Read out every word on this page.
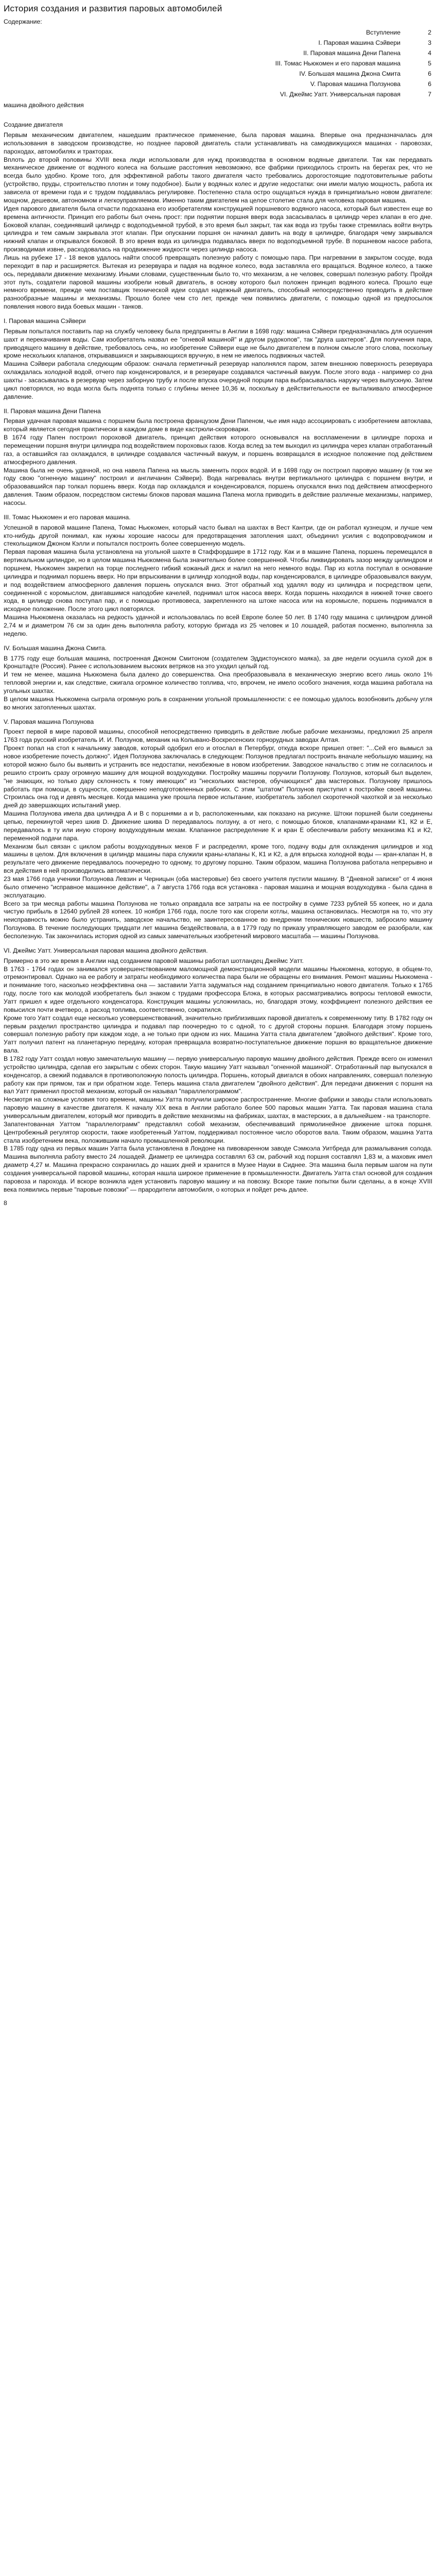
История создания и развития паровых автомобилей
Содержание:
Вступление	2
I. Паровая машина Сэйвери	3
II. Паровая машина Дени Папена	4
III. Томас Ньюкомен и его паровая машина	5
IV. Большая машина Джона Смита	6
V. Паровая машина Ползунова	6
VI. Джеймс Уатт. Универсальная паровая	7
машина двойного действия
Создание двигателя

Первым механическим двигателем, нашедшим практическое применение, была паровая машина. Впервые она предназначалась для использования в заводском производстве, но позднее паровой двигатель стали устанавливать на самодвижущихся машинах - паровозах, пароходах, автомобилях и тракторах.

Вплоть до второй половины XVIII века люди использовали для нужд производства в основном водяные двигатели. Так как передавать механическое движение от водяного колеса на большие расстояния невозможно, все фабрики приходилось строить на берегах рек, что не всегда было удобно. Кроме того, для эффективной работы такого двигателя часто требовались дорогостоящие подготовительные работы (устройство, пруды, строительство плотин и тому подобное). Были у водяных колес и другие недостатки: они имели малую мощность, работа их зависела от времени года и с трудом поддавалась регулировке. Постепенно стала остро ощущаться нужда в принципиально новом двигателе: мощном, дешевом, автономном и легкоуправляемом. Именно таким двигателем на целое столетие стала для человека паровая машина.

Идея парового двигателя была отчасти подсказана его изобретателям конструкцией поршневого водяного насоса, который был известен еще во времена античности. Принцип его работы был очень прост: при поднятии поршня вверх вода засасывалась в цилиндр через клапан в его дне. Боковой клапан, соединявший цилиндр с водоподъемной трубой, в это время был закрыт, так как вода из трубы также стремилась войти внутрь цилиндра и тем самым закрывала этот клапан. При опускании поршня он начинал давить на воду в цилиндре, благодаря чему закрывался нижний клапан и открывался боковой. В это время вода из цилиндра подавалась вверх по водоподъемной трубе. В поршневом насосе работа, производимая извне, расходовалась на продвижение жидкости через цилиндр насоса.

Лишь на рубеже 17 - 18 веков удалось найти способ превращать полезную работу с помощью пара. При нагревании в закрытом сосуде, вода переходит в пар и расширяется. Вытекая из резервуара и падая на водяное колесо, вода заставляла его вращаться. Водяное колесо, а также ось, передавали движение механизму. Иными словами, существенным было то, что механизм, а не человек, совершал полезную работу. Пройдя этот путь, создатели паровой машины изобрели новый двигатель, в основу которого был положен принцип водяного колеса. Прошло еще немного времени, прежде чем поставщик технической идеи создал надежный двигатель, способный непосредственно приводить в действие разнообразные машины и механизмы. Прошло более чем сто лет, прежде чем появились двигатели, с помощью одной из предпосылок появления нового вида боевых машин - танков.

I. Паровая машина Сэйвери

Первым попытался поставить пар на службу человеку была предприняты в Англии в 1698 году: машина Сэйвери предназначалась для осушения шахт и перекачивания воды. Сам изобретатель назвал ее "огневой машиной" и другом рудокопов", так "друга шахтеров". Для получения пара, приводящего машину в действие, требовалось сечь, но изобретение Сэйвери еще не было двигателем в полном смысле этого слова, поскольку кроме нескольких клапанов, открывавшихся и закрывающихся вручную, в нем не имелось подвижных частей.

Машина Сэйвери работала следующим образом: сначала герметичный резервуар наполнялся паром, затем внешнюю поверхность резервуара охлаждалась холодной водой, отчего пар конденсировался, и в резервуаре создавался частичный вакуум. После этого вода - например со дна шахты - засасывалась в резервуар через заборную трубу и после впуска очередной порции пара выбрасывалась наружу через выпускную. Затем цикл повторялся, но вода могла быть поднята только с глубины менее 10,36 м, поскольку в действительности ее выталкивало атмосферное давление.

II. Паровая машина Дени Папена

Первая удачная паровая машина с поршнем была построена французом Дени Папеном, чье имя надо ассоциировать с изобретением автоклава, который является сегодня практически в каждом доме в виде кастрюли-скороварки.

В 1674 году Папен построил пороховой двигатель, принцип действия которого основывался на воспламенении в цилиндре пороха и перемещении поршня внутри цилиндра под воздействием пороховых газов. Когда вслед за тем выходил из цилиндра через клапан отработанный газ, а оставшийся газ охлаждался, в цилиндре создавался частичный вакуум, и поршень возвращался в исходное положение под действием атмосферного давления.

Машина была не очень удачной, но она навела Папена на мысль заменить порох водой. И в 1698 году он построил паровую машину (в том же году свою "огненную машину" построил и англичанин Сэйвери). Вода нагревалась внутри вертикального цилиндра с поршнем внутри, и образовавшийся пар толкал поршень вверх. Когда пар охлаждался и конденсировался, поршень опускался вниз под действием атмосферного давления. Таким образом, посредством системы блоков паровая машина Папена могла приводить в действие различные механизмы, например, насосы.

III. Томас Ньюкомен и его паровая машина.

Успешной в паровой машине Папена, Томас Ньюкомен, который часто бывал на шахтах в Вест Кантри, где он работал кузнецом, и лучше чем кто-нибудь другой понимал, как нужны хорошие насосы для предотвращения затопления шахт, объединил усилия с водопроводчиком и стекольщиком Джоном Кэлли и попытался построить более совершенную модель.

Первая паровая машина была установлена на угольной шахте в Стаффордшире в 1712 году. Как и в машине Папена, поршень перемещался в вертикальном цилиндре, но в целом машина Ньюкомена была значительно более совершенной. Чтобы ликвидировать зазор между цилиндром и поршнем, Ньюкомен закрепил на торце последнего гибкий кожаный диск и налил на него немного воды. Пар из котла поступал в основание цилиндра и поднимал поршень вверх. Но при впрыскивании в цилиндр холодной воды, пар конденсировался, в цилиндре образовывался вакуум, и под воздействием атмосферного давления поршень опускался вниз. Этот обратный ход удалял воду из цилиндра и посредством цепи, соединенной с коромыслом, двигавшимся наподобие качелей, поднимал шток насоса вверх. Когда поршень находился в нижней точке своего хода, в цилиндр снова поступал пар, и с помощью противовеса, закрепленного на штоке насоса или на коромысле, поршень поднимался в исходное положение. После этого цикл повторялся.

Машина Ньюкомена оказалась на редкость удачной и использовалась по всей Европе более 50 лет. В 1740 году машина с цилиндром длиной 2,74 м и диаметром 76 см за один день выполняла работу, которую бригада из 25 человек и 10 лошадей, работая посменно, выполняла за неделю.

IV. Большая машина Джона Смита.

В 1775 году еще большая машина, построенная Джоном Смитоном (создателем Эддистоунского маяка), за две недели осушила сухой док в Кронштадте (Россия). Ранее с использованием высоких ветряков на это уходил целый год.

И тем не менее, машина Ньюкомена была далеко до совершенства. Она преобразовывала в механическую энергию всего лишь около 1% тепловой энергии и, как следствие, сжигала огромное количество топлива, что, впрочем, не имело особого значения, когда машина работала на угольных шахтах.

В целом машина Ньюкомена сыграла огромную роль в сохранении угольной промышленности: с ее помощью удалось возобновить добычу угля во многих затопленных шахтах.

V. Паровая машина Ползунова

Проект первой в мире паровой машины, способной непосредственно приводить в действие любые рабочие механизмы, предложил 25 апреля 1763 года русский изобретатель И. И. Ползунов, механик на Колывано-Воскресенских горнорудных заводах Алтая.

Проект попал на стол к начальнику заводов, который одобрил его и отослал в Петербург, откуда вскоре пришел ответ: "...Сей его вымысл за новое изобретение почесть должно". Идея Ползунова заключалась в следующем: Ползунов предлагал построить вначале небольшую машину, на которой можно было бы выявить и устранить все недостатки, неизбежные в новом изобретении. Заводское начальство с этим не согласилось и решило строить сразу огромную машину для мощной воздуходувки. Постройку машины поручили Ползунову. Ползунов, который был выделен, "не знающих, но только дару склонность к тому имеющих" из "нескольких мастеров, обучающихся" два мастеровых. Ползунову пришлось работать при помощи, в сущности, совершенно неподготовленных рабочих. С этим "штатом" Ползунов приступил к постройке своей машины. Строилась она год и девять месяцев. Когда машина уже прошла первое испытание, изобретатель заболел скоротечной чахоткой и за несколько дней до завершающих испытаний умер.

Машина Ползунова имела два цилиндра А и В с поршнями а и b, расположенными, как показано на рисунке. Штоки поршней были соединены цепью, перекинутой через шкив D. Движение шкива D передавалось ползуну, а от него, с помощью блоков, клапанами-кранами К1, К2 и E, передавалось в ту или иную сторону воздуходувным мехам. Клапанное распределение К и кран E обеспечивали работу механизма К1 и К2, переменной подачи пара.

Механизм был связан с циклом работы воздуходувных мехов F и распределял, кроме того, подачу воды для охлаждения цилиндров и ход машины в целом. Для включения в цилиндр машины пара служили краны-клапаны К, К1 и К2, а для впрыска холодной воды — кран-клапан H, в результате чего движение передавалось поочередно то одному, то другому поршню. Таким образом, машина Ползунова работала непрерывно и вся действия в ней производились автоматически.

23 мая 1766 года ученики Ползунова Левзин и Черницын (оба мастеровые) без своего учителя пустили машину. В "Дневной записке" от 4 июня было отмечено "исправное машинное действие", а 7 августа 1766 года вся установка - паровая машина и мощная воздуходувка - была сдана в эксплуатацию.

Всего за три месяца работы машина Ползунова не только оправдала все затраты на ее постройку в сумме 7233 рублей 55 копеек, но и дала чистую прибыль в 12640 рублей 28 копеек. 10 ноября 1766 года, после того как сгорели котлы, машина остановилась. Несмотря на то, что эту неисправность можно было устранить, заводское начальство, не заинтересованное во внедрении технических новшеств, забросило машину Ползунова. В течение последующих тридцати лет машина бездействовала, а в 1779 году по приказу управляющего заводом ее разобрали, как бесполезную. Так закончилась история одной из самых замечательных изобретений мирового масштаба — машины Ползунова.

VI. Джеймс Уатт. Универсальная паровая машина двойного действия.

Примерно в это же время в Англии над созданием паровой машины работал шотландец Джеймс Уатт.

В 1763 - 1764 годах он занимался усовершенствованием маломощной демонстрационной модели машины Ньюкомена, которую, в общем-то, отремонтировал. Однако на ее работу и затраты необходимого количества пара были не обращены его внимания. Ремонт машины Ньюкомена - и понимание того, насколько неэффективна она — заставили Уатта задуматься над созданием принципиально нового двигателя. Только к 1765 году, после того как молодой изобретатель был знаком с трудами профессора Блэка, в которых рассматривались вопросы тепловой емкости, Уатт пришел к идее отдельного конденсатора. Конструкция машины усложнилась, но, благодаря этому, коэффициент полезного действия ее повысился почти вчетверо, а расход топлива, соответственно, сократился.

Кроме того Уатт создал еще несколько усовершенствований, значительно приблизивших паровой двигатель к современному типу. В 1782 году он первым разделил пространство цилиндра и подавал пар поочередно то с одной, то с другой стороны поршня. Благодаря этому поршень совершал полезную работу при каждом ходе, а не только при одном из них. Машина Уатта стала двигателем "двойного действия". Кроме того, Уатт получил патент на планетарную передачу, которая превращала возвратно-поступательное движение поршня во вращательное движение вала.

В 1782 году Уатт создал новую замечательную машину — первую универсальную паровую машину двойного действия. Прежде всего он изменил устройство цилиндра, сделав его закрытым с обеих сторон. Такую машину Уатт называл "огненной машиной". Отработанный пар выпускался в конденсатор, а свежий подавался в противоположную полость цилиндра. Поршень, который двигался в обоих направлениях, совершал полезную работу как при прямом, так и при обратном ходе. Теперь машина стала двигателем "двойного действия". Для передачи движения с поршня на вал Уатт применил простой механизм, который он называл "параллелограммом".

Несмотря на сложные условия того времени, машины Уатта получили широкое распространение. Многие фабрики и заводы стали использовать паровую машину в качестве двигателя. К началу XIX века в Англии работало более 500 паровых машин Уатта. Так паровая машина стала универсальным двигателем, который мог приводить в действие механизмы на фабриках, шахтах, в мастерских, а в дальнейшем - на транспорте.

Запатентованная Уаттом "параллелограмм" представлял собой механизм, обеспечивавший прямолинейное движение штока поршня. Центробежный регулятор скорости, также изобретенный Уаттом, поддерживал постоянное число оборотов вала. Таким образом, машина Уатта стала изобретением века, положившим начало промышленной революции.

В 1785 году одна из первых машин Уатта была установлена в Лондоне на пивоваренном заводе Сэмюэла Уитбреда для размалывания солода. Машина выполняла работу вместо 24 лошадей. Диаметр ее цилиндра составлял 63 см, рабочий ход поршня составлял 1,83 м, а маховик имел диаметр 4,27 м. Машина прекрасно сохранилась до наших дней и хранится в Музее Науки в Сиднее. Эта машина была первым шагом на пути создания универсальной паровой машины, которая нашла широкое применение в промышленности. Двигатель Уатта стал основой для создания паровоза и парохода. И вскоре возникла идея установить паровую машину и на повозку. Вскоре такие попытки были сделаны, а в конце XVIII века появились первые "паровые повозки" — прародители автомобиля, о которых и пойдет речь далее.

8
